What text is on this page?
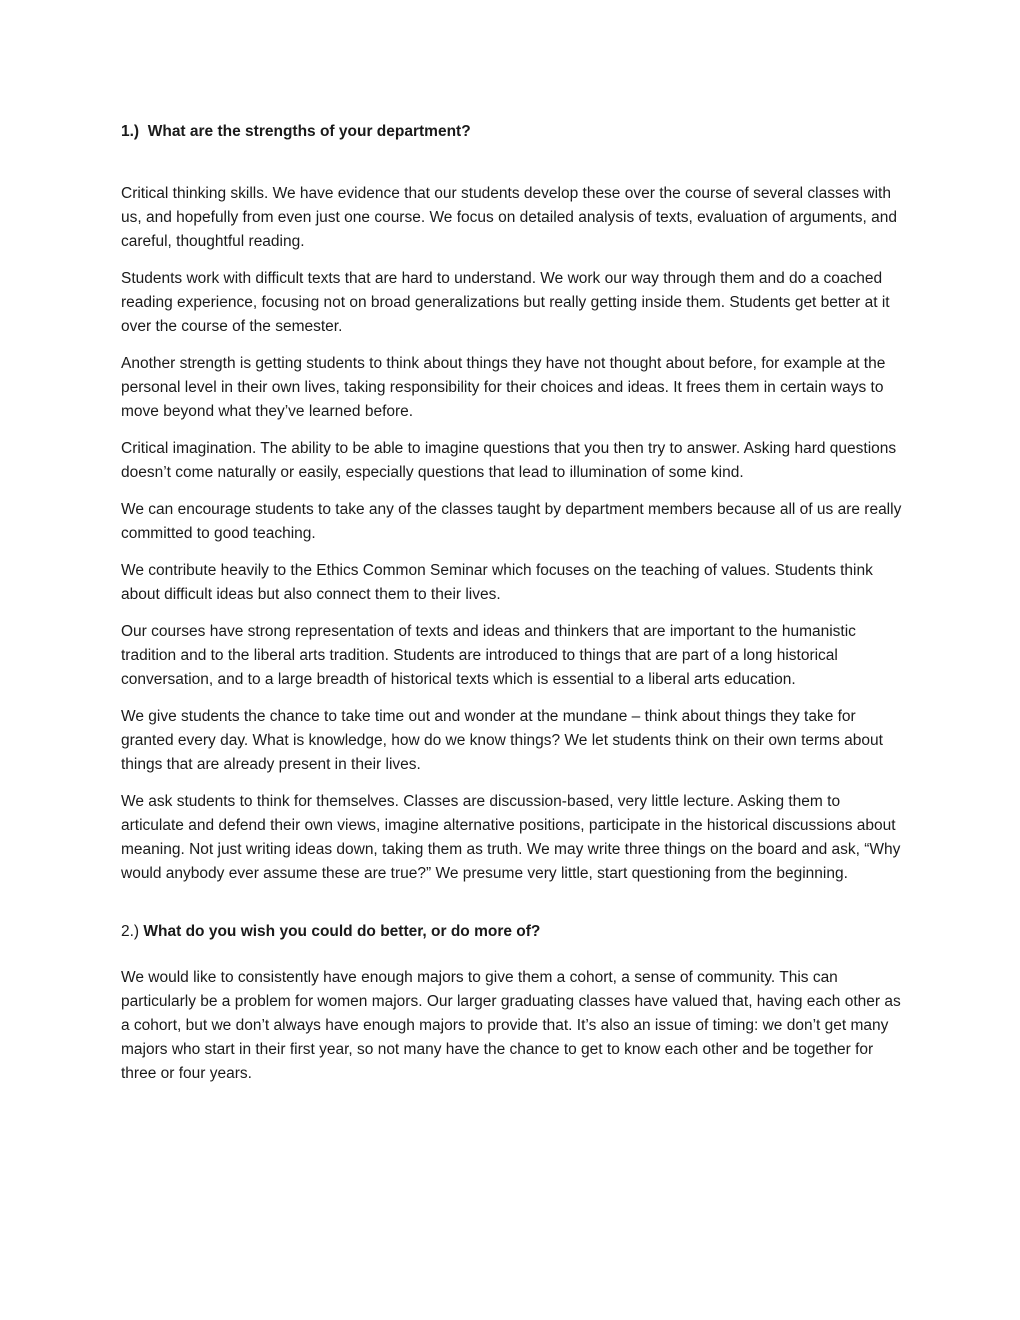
1.) What are the strengths of your department?

Critical thinking skills. We have evidence that our students develop these over the course of several classes with us, and hopefully from even just one course. We focus on detailed analysis of texts, evaluation of arguments, and careful, thoughtful reading.

Students work with difficult texts that are hard to understand. We work our way through them and do a coached reading experience, focusing not on broad generalizations but really getting inside them. Students get better at it over the course of the semester.

Another strength is getting students to think about things they have not thought about before, for example at the personal level in their own lives, taking responsibility for their choices and ideas. It frees them in certain ways to move beyond what they’ve learned before.

Critical imagination. The ability to be able to imagine questions that you then try to answer. Asking hard questions doesn’t come naturally or easily, especially questions that lead to illumination of some kind.

We can encourage students to take any of the classes taught by department members because all of us are really committed to good teaching.

We contribute heavily to the Ethics Common Seminar which focuses on the teaching of values. Students think about difficult ideas but also connect them to their lives.

Our courses have strong representation of texts and ideas and thinkers that are important to the humanistic tradition and to the liberal arts tradition. Students are introduced to things that are part of a long historical conversation, and to a large breadth of historical texts which is essential to a liberal arts education.

We give students the chance to take time out and wonder at the mundane – think about things they take for granted every day. What is knowledge, how do we know things? We let students think on their own terms about things that are already present in their lives.

We ask students to think for themselves. Classes are discussion-based, very little lecture. Asking them to articulate and defend their own views, imagine alternative positions, participate in the historical discussions about meaning. Not just writing ideas down, taking them as truth. We may write three things on the board and ask, “Why would anybody ever assume these are true?” We presume very little, start questioning from the beginning.

2.) What do you wish you could do better, or do more of?

We would like to consistently have enough majors to give them a cohort, a sense of community. This can particularly be a problem for women majors. Our larger graduating classes have valued that, having each other as a cohort, but we don’t always have enough majors to provide that. It’s also an issue of timing: we don’t get many majors who start in their first year, so not many have the chance to get to know each other and be together for three or four years.
